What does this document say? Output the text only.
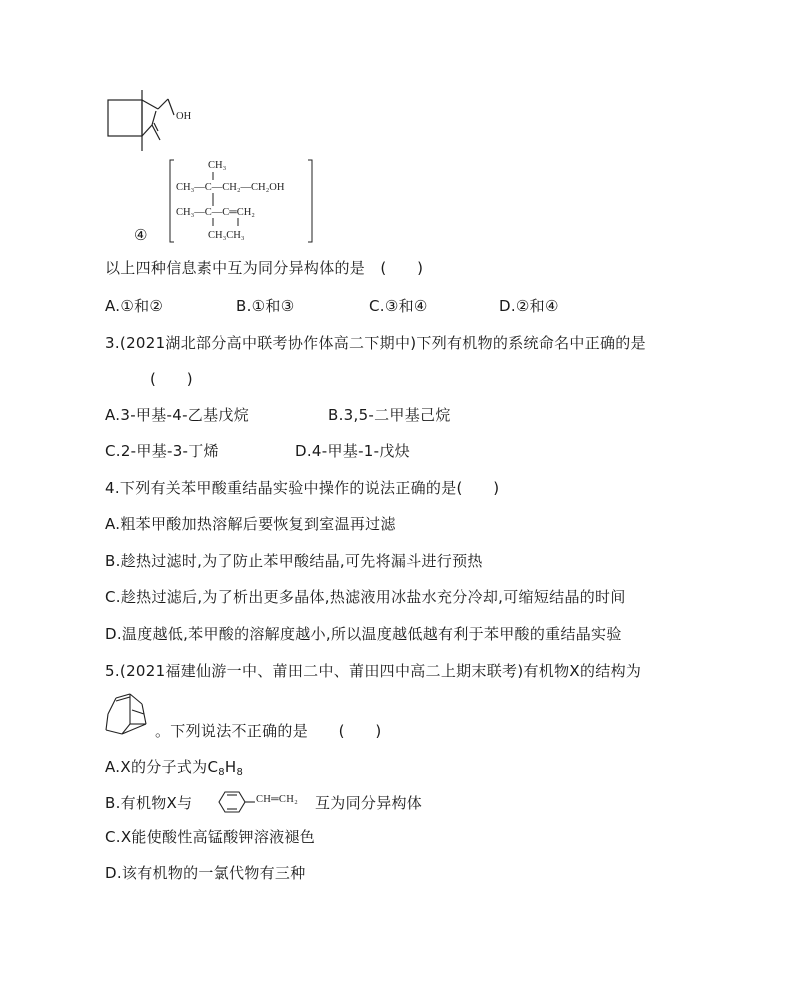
OH
④
CH₃
CH₃—C—CH₂—CH₂OH
CH₃—C—C═CH₂
CH₃CH₃
以上四种信息素中互为同分异构体的是　(　　)
A.①和②	B.①和③	C.③和④	D.②和④
3.(2021湖北部分高中联考协作体高二下期中)下列有机物的系统命名中正确的是
(　　)
A.3-甲基-4-乙基戊烷	B.3,5-二甲基己烷
C.2-甲基-3-丁烯	D.4-甲基-1-戊炔
4.下列有关苯甲酸重结晶实验中操作的说法正确的是(　　)
A.粗苯甲酸加热溶解后要恢复到室温再过滤
B.趁热过滤时,为了防止苯甲酸结晶,可先将漏斗进行预热
C.趁热过滤后,为了析出更多晶体,热滤液用冰盐水充分冷却,可缩短结晶的时间
D.温度越低,苯甲酸的溶解度越小,所以温度越低越有利于苯甲酸的重结晶实验
5.(2021福建仙游一中、莆田二中、莆田四中高二上期末联考)有机物X的结构为
。下列说法不正确的是　　(　　)
A.X的分子式为$C_8H_8$
B.有机物X与	CH═CH₂ 互为同分异构体
C.X能使酸性高锰酸钾溶液褪色
D.该有机物的一氯代物有三种
